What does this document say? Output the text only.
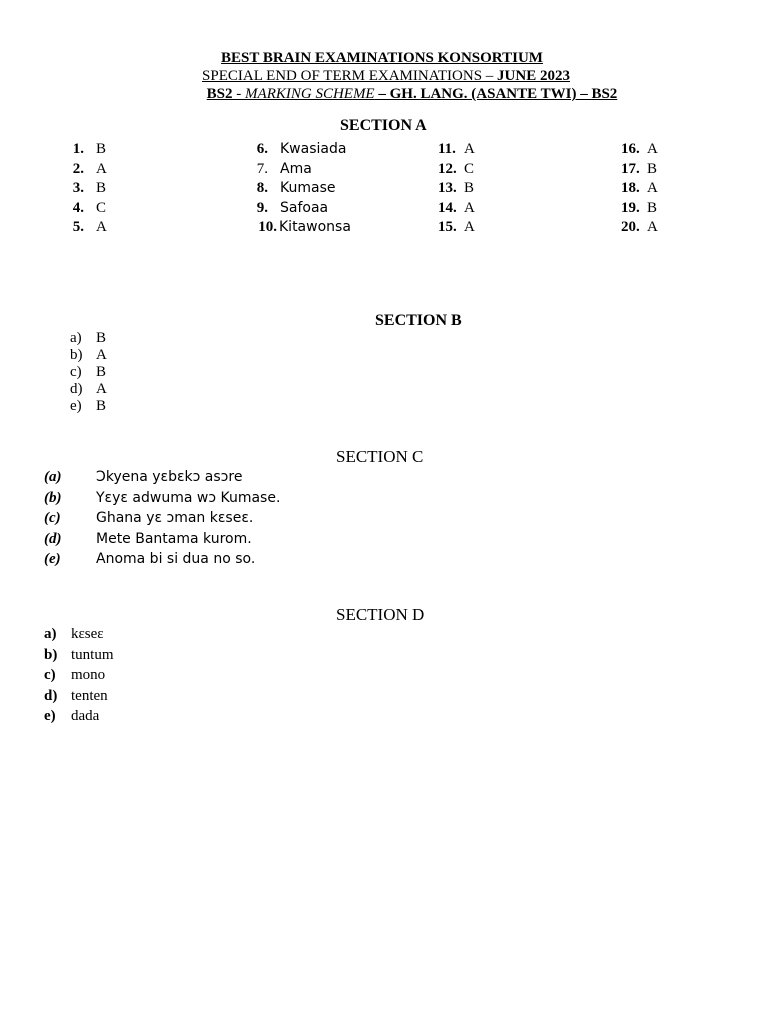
BEST BRAIN EXAMINATIONS KONSORTIUM
SPECIAL END OF TERM EXAMINATIONS – JUNE 2023
BS2 - MARKING SCHEME – GH. LANG. (ASANTE TWI) – BS2
SECTION A
1. B
2. A
3. B
4. C
5. A
6. Kwasiada
7. Ama
8. Kumase
9. Safoaa
10. Kitawonsa
11. A
12. C
13. B
14. A
15. A
16. A
17. B
18. A
19. B
20. A
SECTION B
a) B
b) A
c) B
d) A
e) B
SECTION C
(a) Ɔkyena yɛbɛkɔ asɔre
(b) Yɛyɛ adwuma wɔ Kumase.
(c)	Ghana yɛ ɔman kɛseɛ.
(d) Mete Bantama kurom.
(e)	Anoma bi si dua no so.
SECTION D
a) kɛseɛ
b) tuntum
c) mono
d) tenten
e) dada
